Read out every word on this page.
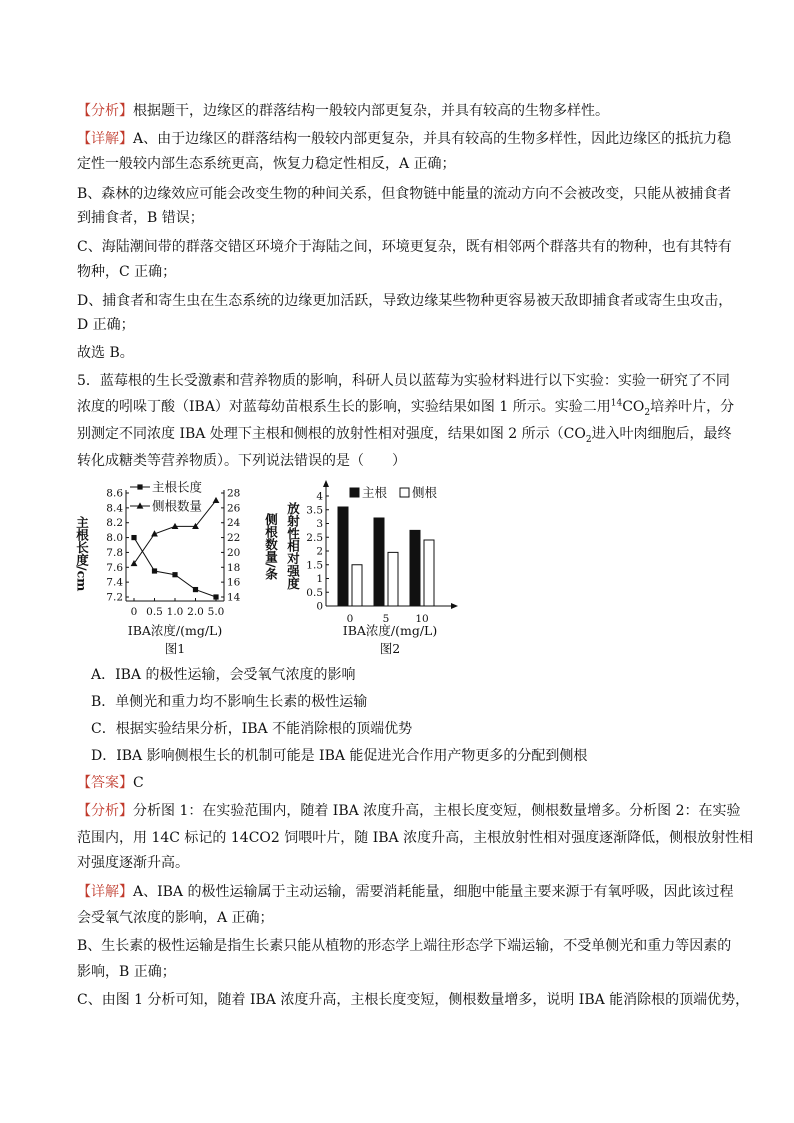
【分析】根据题干，边缘区的群落结构一般较内部更复杂，并具有较高的生物多样性。
【详解】A、由于边缘区的群落结构一般较内部更复杂，并具有较高的生物多样性，因此边缘区的抵抗力稳
定性一般较内部生态系统更高，恢复力稳定性相反，A 正确；
B、森林的边缘效应可能会改变生物的种间关系，但食物链中能量的流动方向不会被改变，只能从被捕食者
到捕食者，B 错误；
C、海陆潮间带的群落交错区环境介于海陆之间，环境更复杂，既有相邻两个群落共有的物种，也有其特有
物种，C 正确；
D、捕食者和寄生虫在生态系统的边缘更加活跃，导致边缘某些物种更容易被天敌即捕食者或寄生虫攻击，
D 正确；
故选 B。
5．蓝莓根的生长受激素和营养物质的影响，科研人员以蓝莓为实验材料进行以下实验：实验一研究了不同
浓度的吲哚丁酸（IBA）对蓝莓幼苗根系生长的影响，实验结果如图 1 所示。实验二用$^{14}CO_2$培养叶片，分
别测定不同浓度 IBA 处理下主根和侧根的放射性相对强度，结果如图 2 所示（$CO_2$进入叶肉细胞后，最终
转化成糖类等营养物质）。下列说法错误的是（　　）
7.2
7.4
7.6
7.8
8.0
8.2
8.4
8.6
14
16
18
20
22
24
26
28
0 0.5 1.0 2.0 5.0
主根长度
侧根数量
主根长度/cm	侧根数量/条
IBA浓度/(mg/L)
图1
0
0.5
1
1.5
2
2.5
3
3.5
4
0	5 10
主根 侧根
放射性相对强度
IBA浓度/(mg/L)
图2
A．IBA 的极性运输，会受氧气浓度的影响
B．单侧光和重力均不影响生长素的极性运输
C．根据实验结果分析，IBA 不能消除根的顶端优势
D．IBA 影响侧根生长的机制可能是 IBA 能促进光合作用产物更多的分配到侧根
【答案】C
【分析】分析图 1：在实验范围内，随着 IBA 浓度升高，主根长度变短，侧根数量增多。分析图 2：在实验
范围内，用 14C 标记的 14CO2 饲喂叶片，随 IBA 浓度升高，主根放射性相对强度逐渐降低，侧根放射性相
对强度逐渐升高。
【详解】A、IBA 的极性运输属于主动运输，需要消耗能量，细胞中能量主要来源于有氧呼吸，因此该过程
会受氧气浓度的影响，A 正确；
B、生长素的极性运输是指生长素只能从植物的形态学上端往形态学下端运输，不受单侧光和重力等因素的
影响，B 正确；
C、由图 1 分析可知，随着 IBA 浓度升高，主根长度变短，侧根数量增多，说明 IBA 能消除根的顶端优势，
